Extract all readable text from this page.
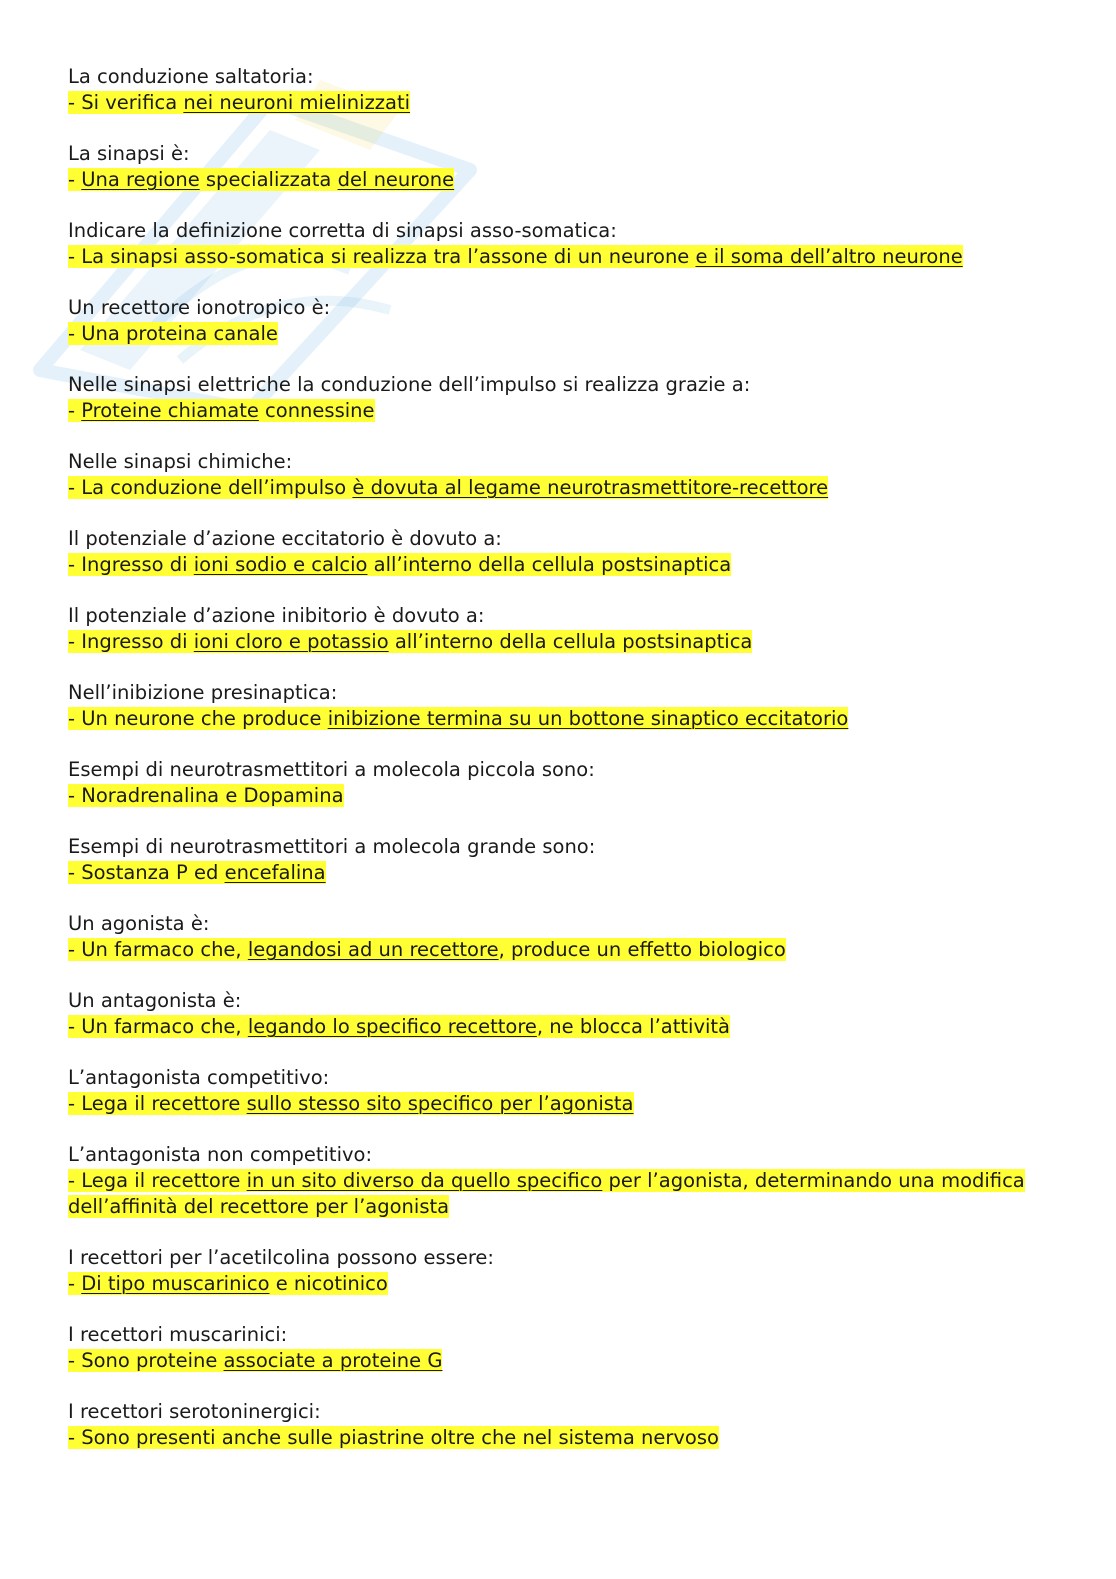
La conduzione saltatoria:
- Si verifica nei neuroni mielinizzati
La sinapsi è:
- Una regione specializzata del neurone
Indicare la definizione corretta di sinapsi asso-somatica:
- La sinapsi asso-somatica si realizza tra l’assone di un neurone e il soma dell’altro neurone
Un recettore ionotropico è:
- Una proteina canale
Nelle sinapsi elettriche la conduzione dell’impulso si realizza grazie a:
- Proteine chiamate connessine
Nelle sinapsi chimiche:
- La conduzione dell’impulso è dovuta al legame neurotrasmettitore-recettore
Il potenziale d’azione eccitatorio è dovuto a:
- Ingresso di ioni sodio e calcio all’interno della cellula postsinaptica
Il potenziale d’azione inibitorio è dovuto a:
- Ingresso di ioni cloro e potassio all’interno della cellula postsinaptica
Nell’inibizione presinaptica:
- Un neurone che produce inibizione termina su un bottone sinaptico eccitatorio
Esempi di neurotrasmettitori a molecola piccola sono:
- Noradrenalina e Dopamina
Esempi di neurotrasmettitori a molecola grande sono:
- Sostanza P ed encefalina
Un agonista è:
- Un farmaco che, legandosi ad un recettore, produce un effetto biologico
Un antagonista è:
- Un farmaco che, legando lo specifico recettore, ne blocca l’attività
L’antagonista competitivo:
- Lega il recettore sullo stesso sito specifico per l’agonista
L’antagonista non competitivo:
- Lega il recettore in un sito diverso da quello specifico per l’agonista, determinando una modifica dell’affinità del recettore per l’agonista
I recettori per l’acetilcolina possono essere:
- Di tipo muscarinico e nicotinico
I recettori muscarinici:
- Sono proteine associate a proteine G
I recettori serotoninergici:
- Sono presenti anche sulle piastrine oltre che nel sistema nervoso
